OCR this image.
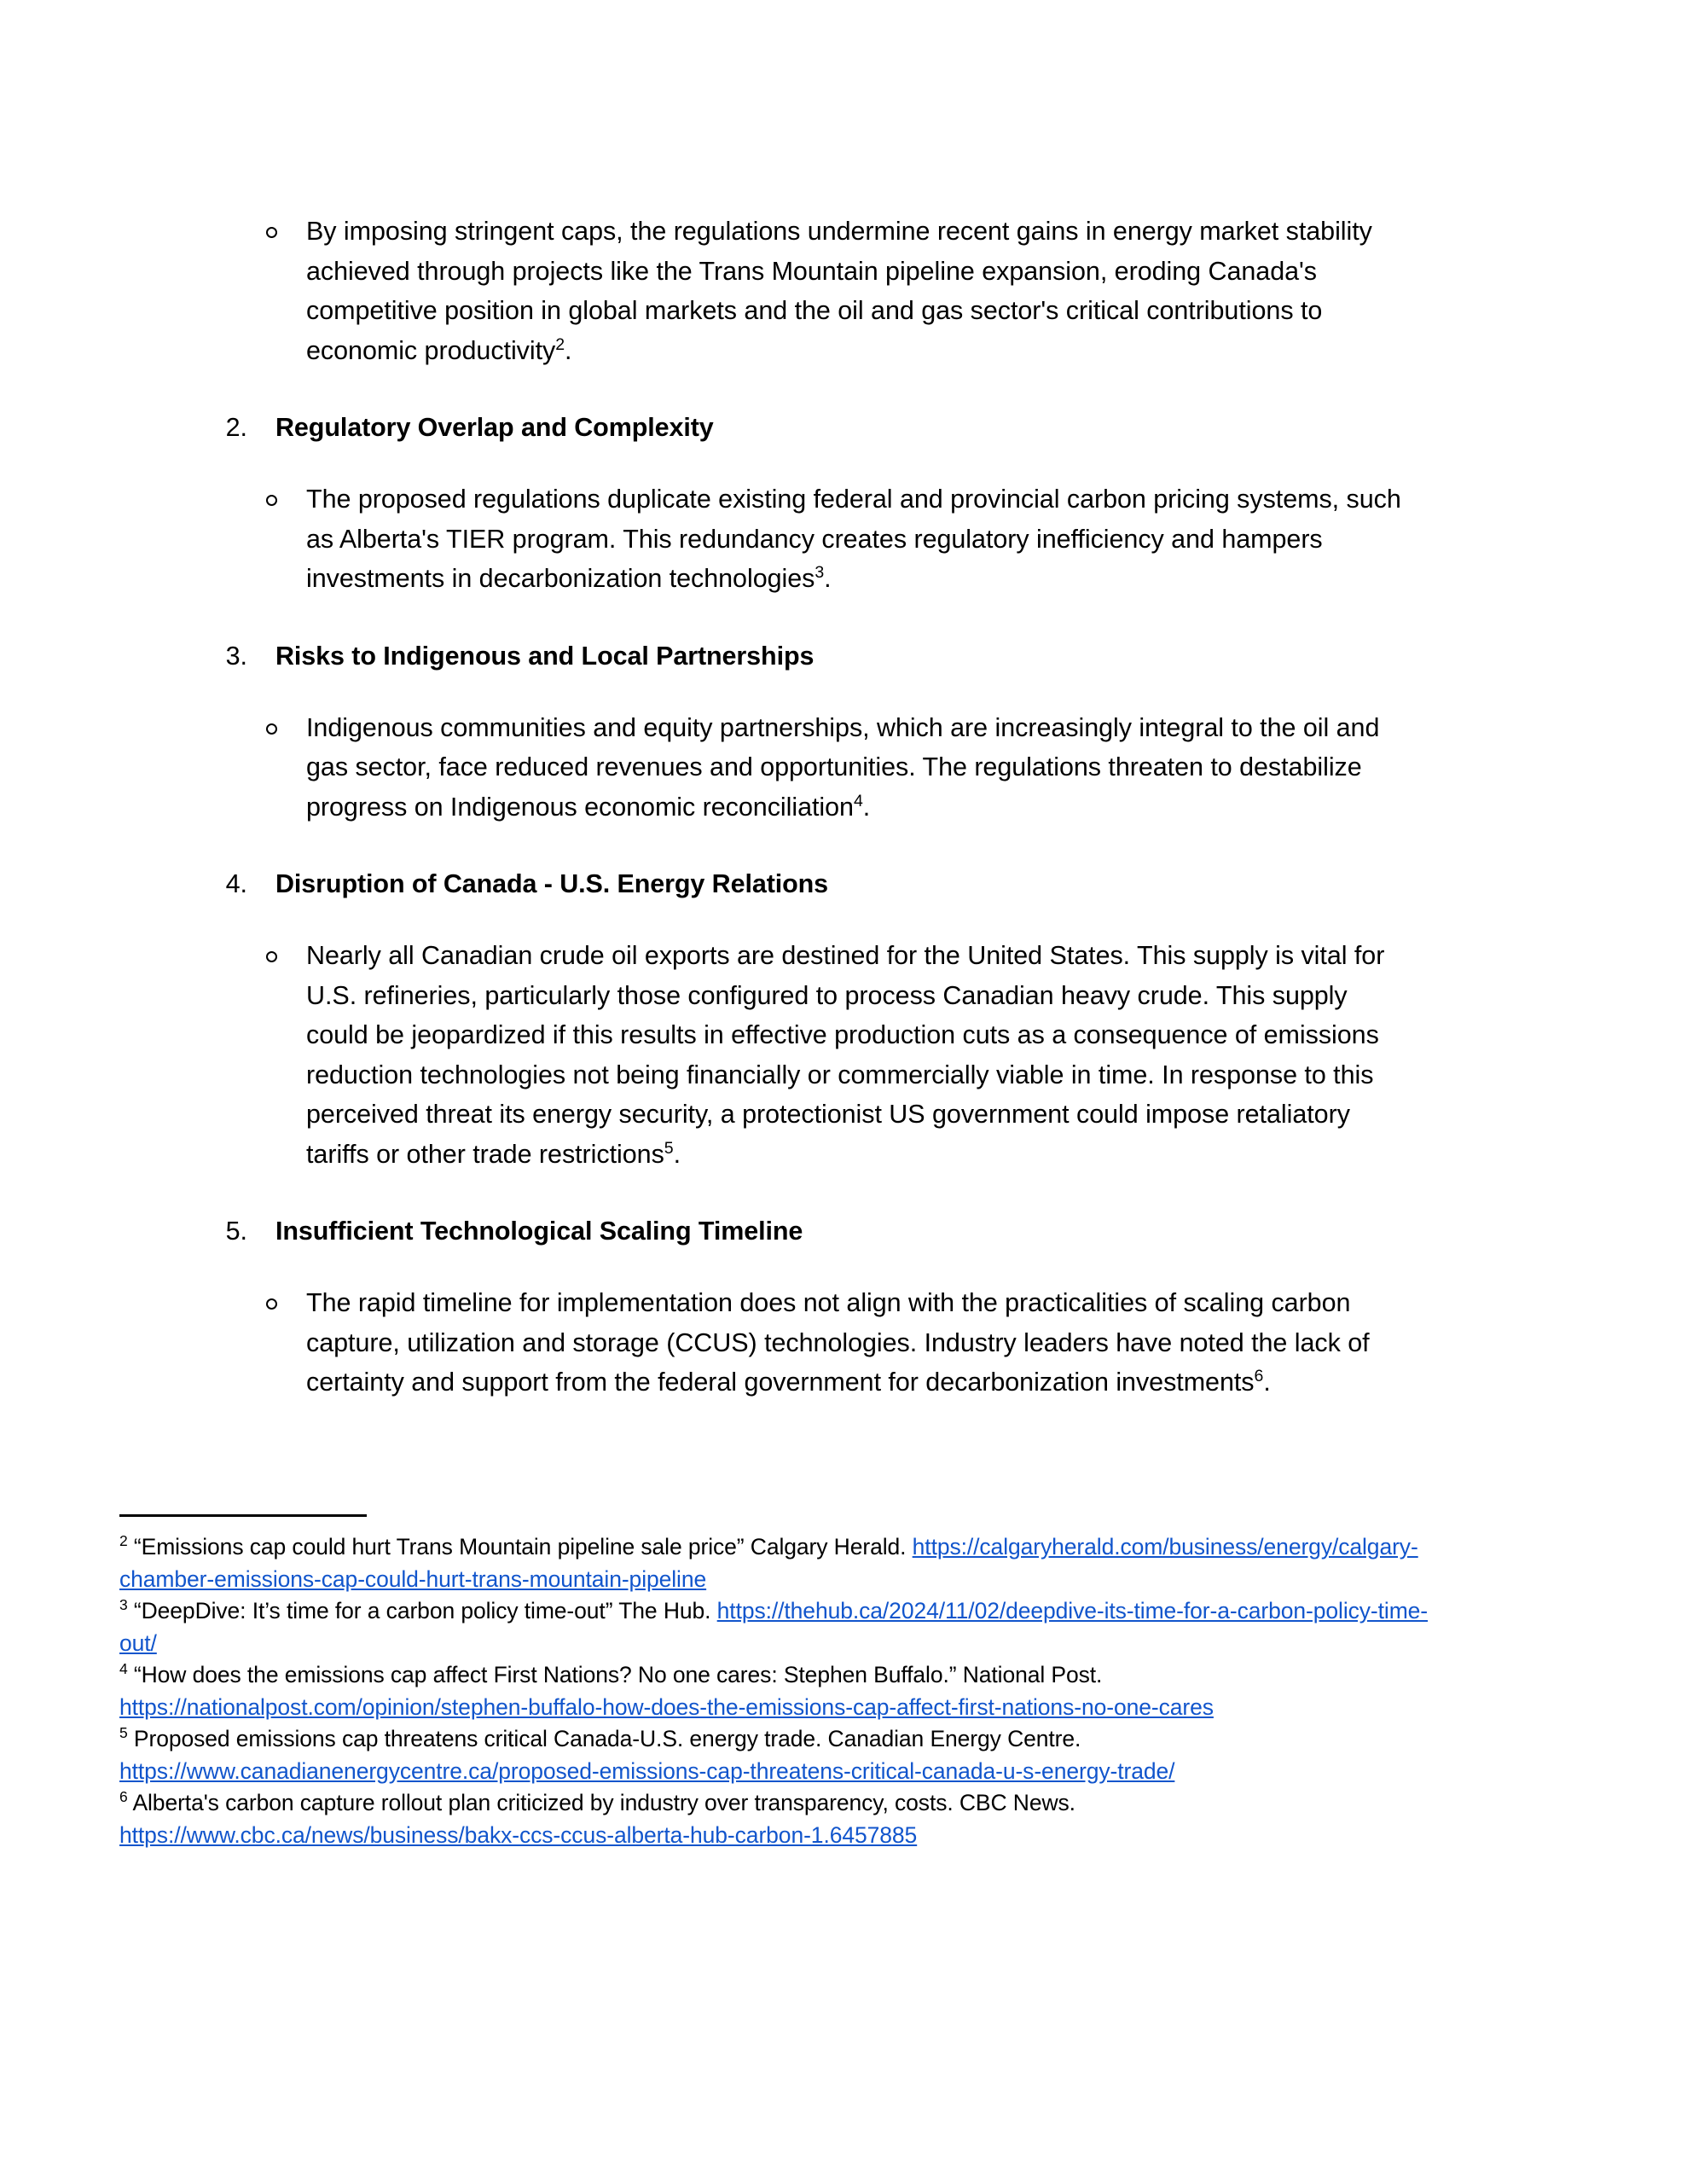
By imposing stringent caps, the regulations undermine recent gains in energy market stability achieved through projects like the Trans Mountain pipeline expansion, eroding Canada's competitive position in global markets and the oil and gas sector's critical contributions to economic productivity$^2$.
2.	Regulatory Overlap and Complexity
The proposed regulations duplicate existing federal and provincial carbon pricing systems, such as Alberta's TIER program. This redundancy creates regulatory inefficiency and hampers investments in decarbonization technologies$^3$.
3.	Risks to Indigenous and Local Partnerships
Indigenous communities and equity partnerships, which are increasingly integral to the oil and gas sector, face reduced revenues and opportunities. The regulations threaten to destabilize progress on Indigenous economic reconciliation$^4$.
4.	Disruption of Canada - U.S. Energy Relations
Nearly all Canadian crude oil exports are destined for the United States. This supply is vital for U.S. refineries, particularly those configured to process Canadian heavy crude. This supply could be jeopardized if this results in effective production cuts as a consequence of emissions reduction technologies not being financially or commercially viable in time. In response to this perceived threat its energy security, a protectionist US government could impose retaliatory tariffs or other trade restrictions$^5$.
5.	Insufficient Technological Scaling Timeline
The rapid timeline for implementation does not align with the practicalities of scaling carbon capture, utilization and storage (CCUS) technologies. Industry leaders have noted the lack of certainty and support from the federal government for decarbonization investments$^6$.
$^2$ “Emissions cap could hurt Trans Mountain pipeline sale price” Calgary Herald. https://calgaryherald.com/business/energy/calgary-chamber-emissions-cap-could-hurt-trans-mountain-pipeline
$^3$ “DeepDive: It’s time for a carbon policy time-out” The Hub. https://thehub.ca/2024/11/02/deepdive-its-time-for-a-carbon-policy-time-out/
$^4$ “How does the emissions cap affect First Nations? No one cares: Stephen Buffalo.” National Post. https://nationalpost.com/opinion/stephen-buffalo-how-does-the-emissions-cap-affect-first-nations-no-one-cares
$^5$ Proposed emissions cap threatens critical Canada-U.S. energy trade. Canadian Energy Centre. https://www.canadianenergycentre.ca/proposed-emissions-cap-threatens-critical-canada-u-s-energy-trade/
$^6$ Alberta's carbon capture rollout plan criticized by industry over transparency, costs. CBC News. https://www.cbc.ca/news/business/bakx-ccs-ccus-alberta-hub-carbon-1.6457885
